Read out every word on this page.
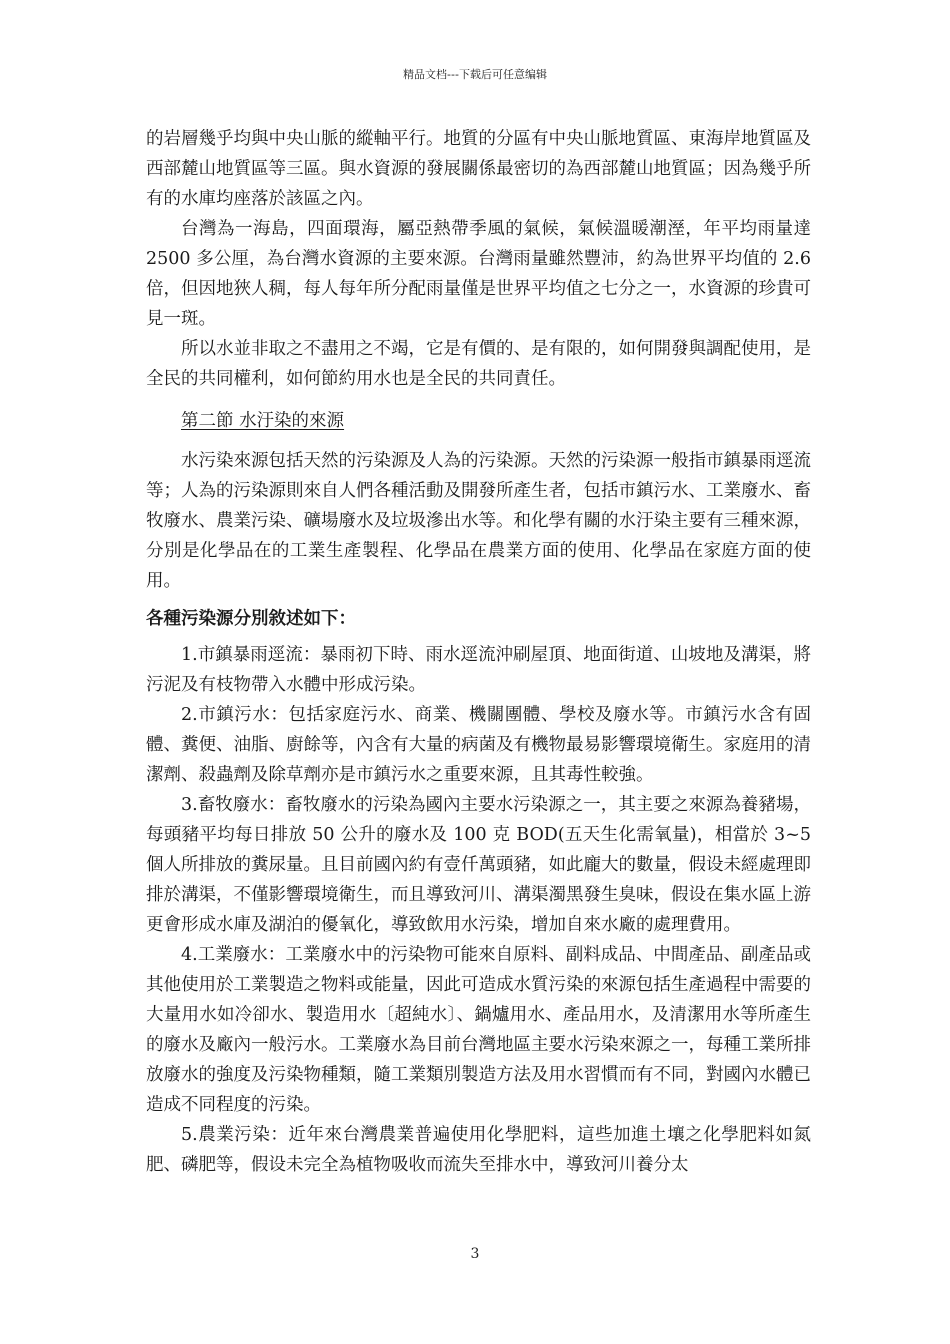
精品文档---下载后可任意编辑

的岩層幾乎均與中央山脈的縱軸平行。地質的分區有中央山脈地質區、東海岸地質區及西部麓山地質區等三區。與水資源的發展關係最密切的為西部麓山地質區；因為幾乎所有的水庫均座落於該區之內。

台灣為一海島，四面環海，屬亞熱帶季風的氣候，氣候溫暖潮溼，年平均雨量達 2500 多公厘，為台灣水資源的主要來源。台灣雨量雖然豐沛，約為世界平均值的 2.6 倍，但因地狹人稠，每人每年所分配雨量僅是世界平均值之七分之一，水資源的珍貴可見一斑。

所以水並非取之不盡用之不竭，它是有價的、是有限的，如何開發與調配使用，是全民的共同權利，如何節約用水也是全民的共同責任。

第二節 水汙染的來源

水污染來源包括天然的污染源及人為的污染源。天然的污染源一般指市鎮暴雨逕流等；人為的污染源則來自人們各種活動及開發所產生者，包括市鎮污水、工業廢水、畜牧廢水、農業污染、礦場廢水及垃圾滲出水等。和化學有關的水汙染主要有三種來源，分別是化學品在的工業生產製程、化學品在農業方面的使用、化學品在家庭方面的使用。

各種污染源分別敘述如下：

1.市鎮暴雨逕流：暴雨初下時、雨水逕流沖刷屋頂、地面街道、山坡地及溝渠，將污泥及有枝物帶入水體中形成污染。

2.市鎮污水：包括家庭污水、商業、機關團體、學校及廢水等。市鎮污水含有固體、糞便、油脂、廚餘等，內含有大量的病菌及有機物最易影響環境衛生。家庭用的清潔劑、殺蟲劑及除草劑亦是市鎮污水之重要來源，且其毒性較強。

3.畜牧廢水：畜牧廢水的污染為國內主要水污染源之一，其主要之來源為養豬場，每頭豬平均每日排放 50 公升的廢水及 100 克 BOD(五天生化需氧量)，相當於 3~5 個人所排放的糞尿量。且目前國內約有壹仟萬頭豬，如此龐大的數量，假设未經處理即排於溝渠，不僅影響環境衛生，而且導致河川、溝渠濁黑發生臭味，假设在集水區上游更會形成水庫及湖泊的優氧化，導致飲用水污染，增加自來水廠的處理費用。

4.工業廢水：工業廢水中的污染物可能來自原料、副料成品、中間產品、副產品或其他使用於工業製造之物料或能量，因此可造成水質污染的來源包括生產過程中需要的大量用水如冷卻水、製造用水〔超純水〕、鍋爐用水、產品用水，及清潔用水等所產生的廢水及廠內一般污水。工業廢水為目前台灣地區主要水污染來源之一，每種工業所排放廢水的強度及污染物種類，隨工業類別製造方法及用水習慣而有不同，對國內水體已造成不同程度的污染。

5.農業污染：近年來台灣農業普遍使用化學肥料，這些加進土壤之化學肥料如氮肥、磷肥等，假设未完全為植物吸收而流失至排水中，導致河川養分太

3
